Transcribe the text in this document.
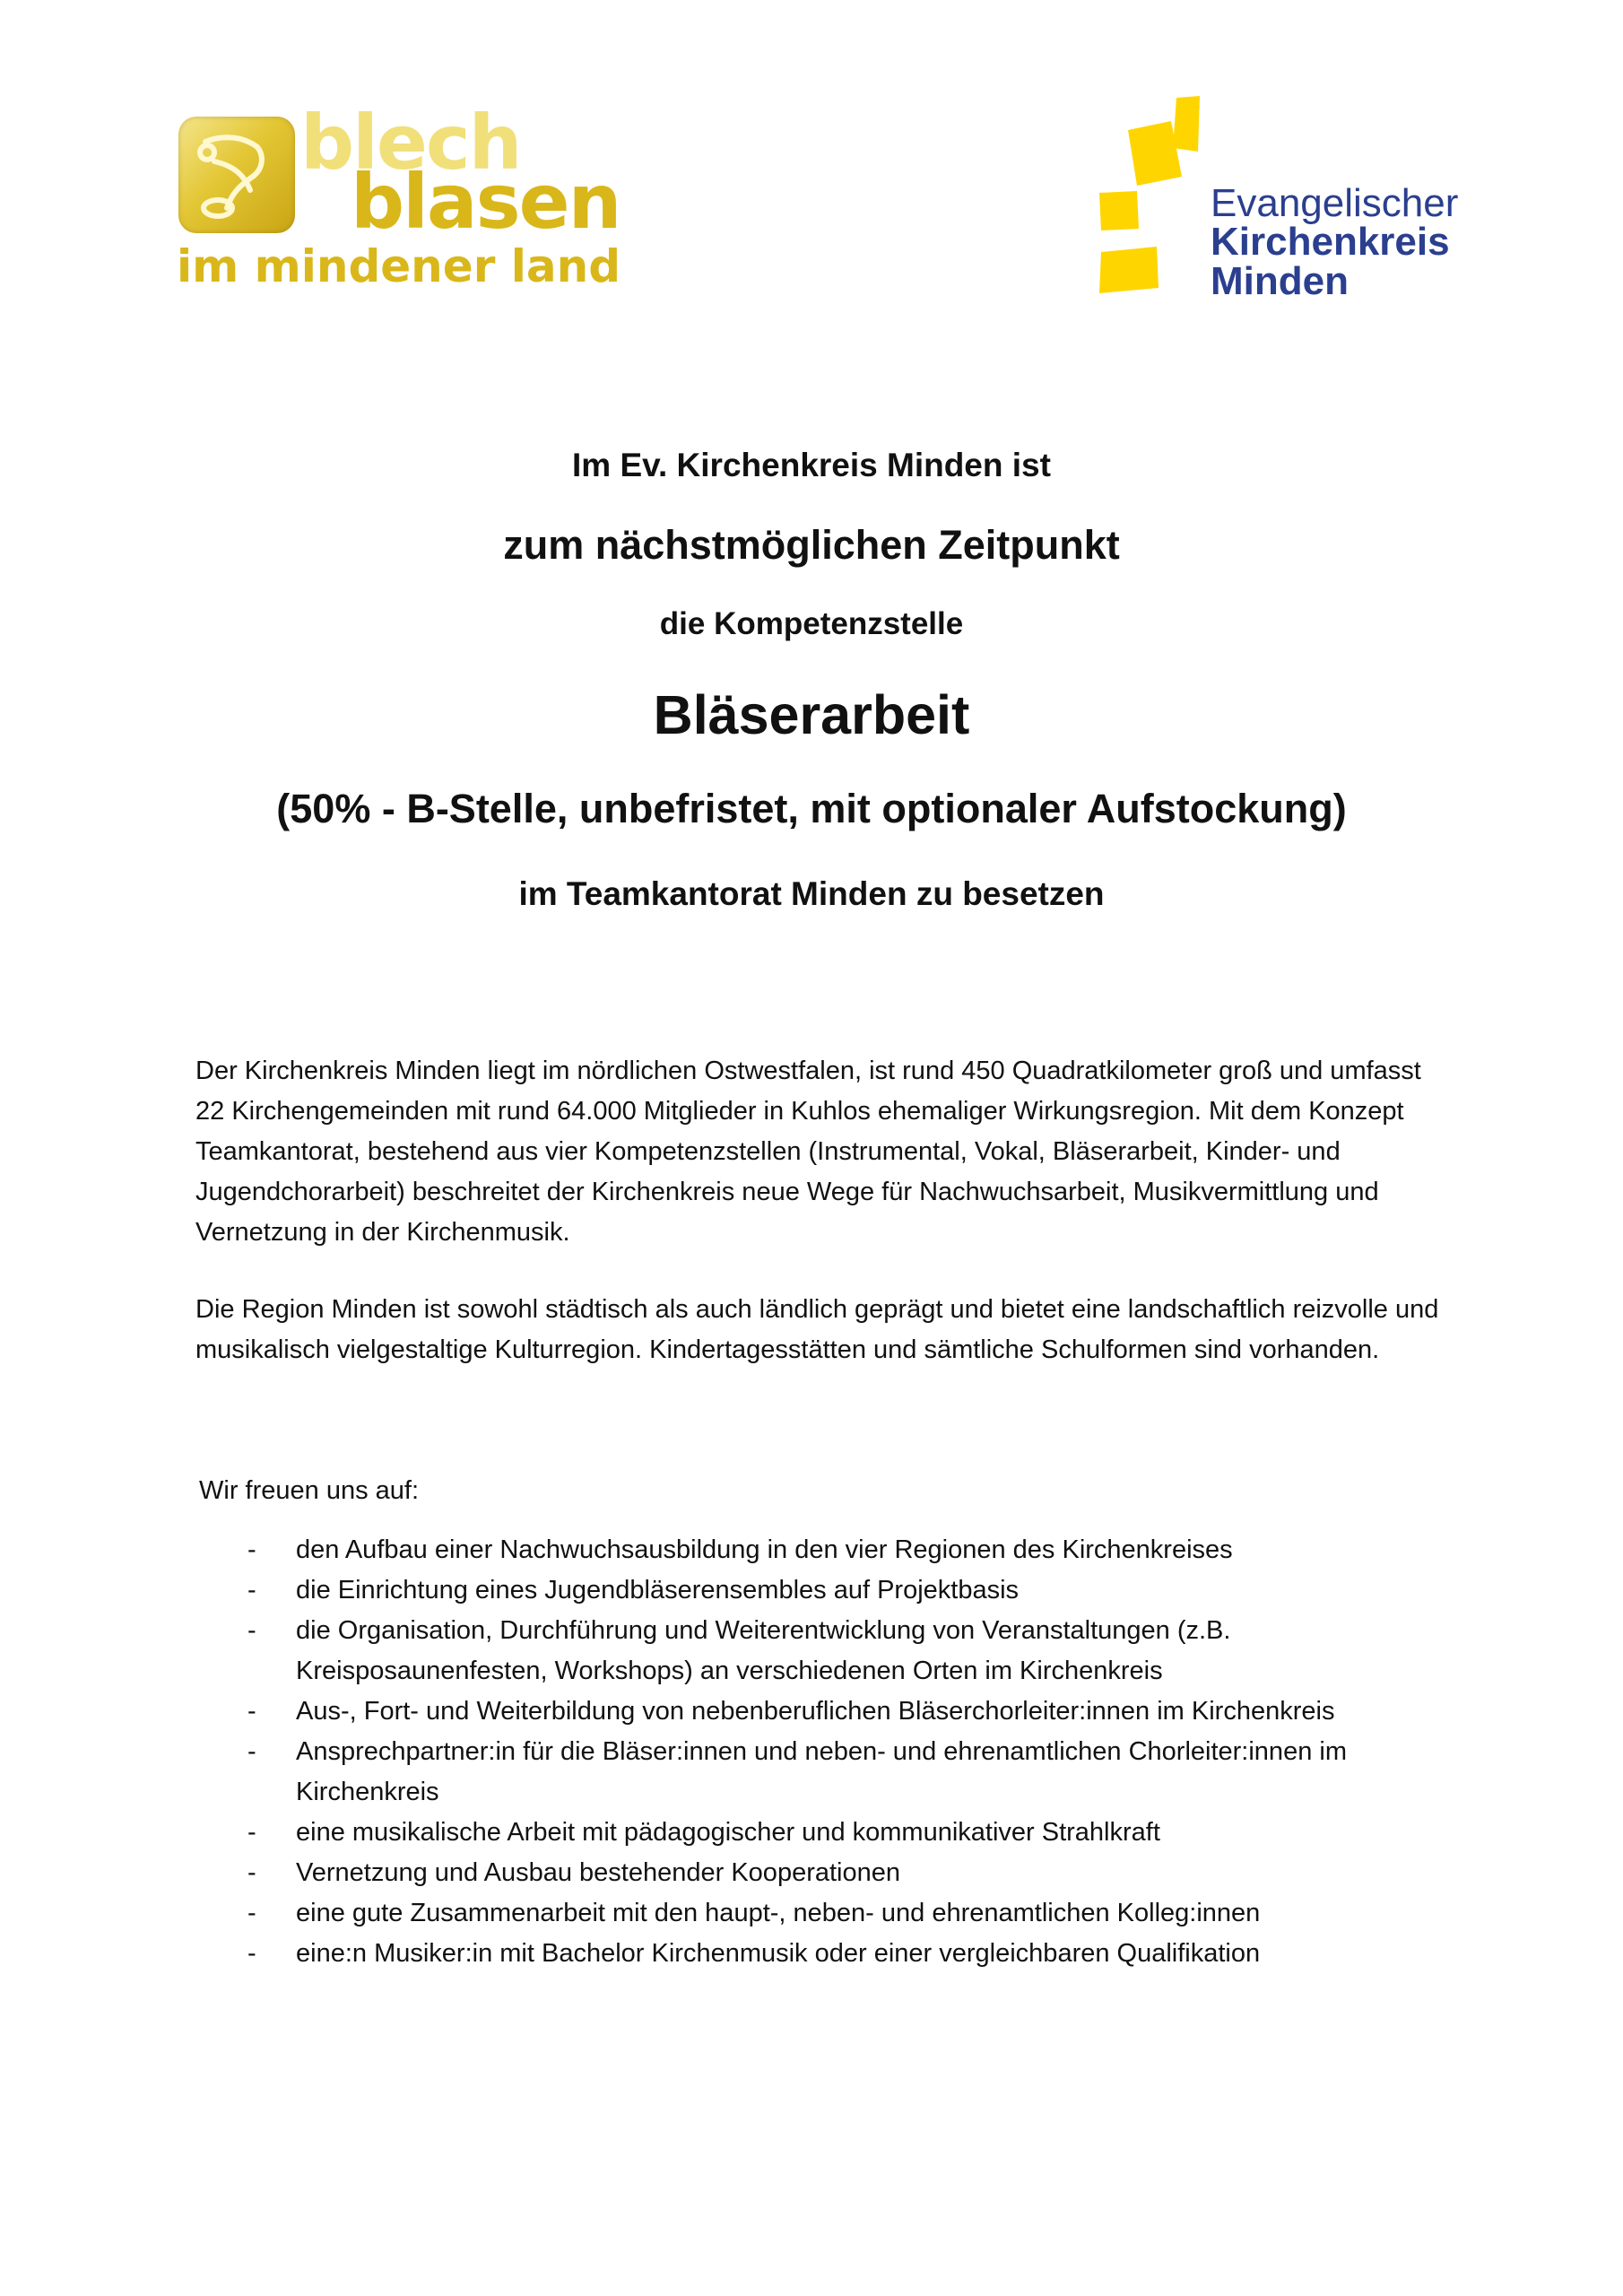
blech
blasen
im mindener land
Evangelischer
Kirchenkreis
Minden
Im Ev. Kirchenkreis Minden ist
zum nächstmöglichen Zeitpunkt
die Kompetenzstelle
Bläserarbeit
(50% - B-Stelle, unbefristet, mit optionaler Aufstockung)
im Teamkantorat Minden zu besetzen
Der Kirchenkreis Minden liegt im nördlichen Ostwestfalen, ist rund 450 Quadratkilometer groß und umfasst 22 Kirchengemeinden mit rund 64.000 Mitglieder in Kuhlos ehemaliger Wirkungsregion. Mit dem Konzept Teamkantorat, bestehend aus vier Kompetenzstellen (Instrumental, Vokal, Bläserarbeit, Kinder- und Jugendchorarbeit) beschreitet der Kirchenkreis neue Wege für Nachwuchsarbeit, Musikvermittlung und Vernetzung in der Kirchenmusik.
Die Region Minden ist sowohl städtisch als auch ländlich geprägt und bietet eine landschaftlich reizvolle und musikalisch vielgestaltige Kulturregion. Kindertagesstätten und sämtliche Schulformen sind vorhanden.
Wir freuen uns auf:
- den Aufbau einer Nachwuchsausbildung in den vier Regionen des Kirchenkreises
- die Einrichtung eines Jugendbläserensembles auf Projektbasis
- die Organisation, Durchführung und Weiterentwicklung von Veranstaltungen (z.B. Kreisposaunenfesten, Workshops) an verschiedenen Orten im Kirchenkreis
- Aus-, Fort- und Weiterbildung von nebenberuflichen Bläserchorleiter:innen im Kirchenkreis
- Ansprechpartner:in für die Bläser:innen und neben- und ehrenamtlichen Chorleiter:innen im Kirchenkreis
- eine musikalische Arbeit mit pädagogischer und kommunikativer Strahlkraft
- Vernetzung und Ausbau bestehender Kooperationen
- eine gute Zusammenarbeit mit den haupt-, neben- und ehrenamtlichen Kolleg:innen
- eine:n Musiker:in mit Bachelor Kirchenmusik oder einer vergleichbaren Qualifikation
